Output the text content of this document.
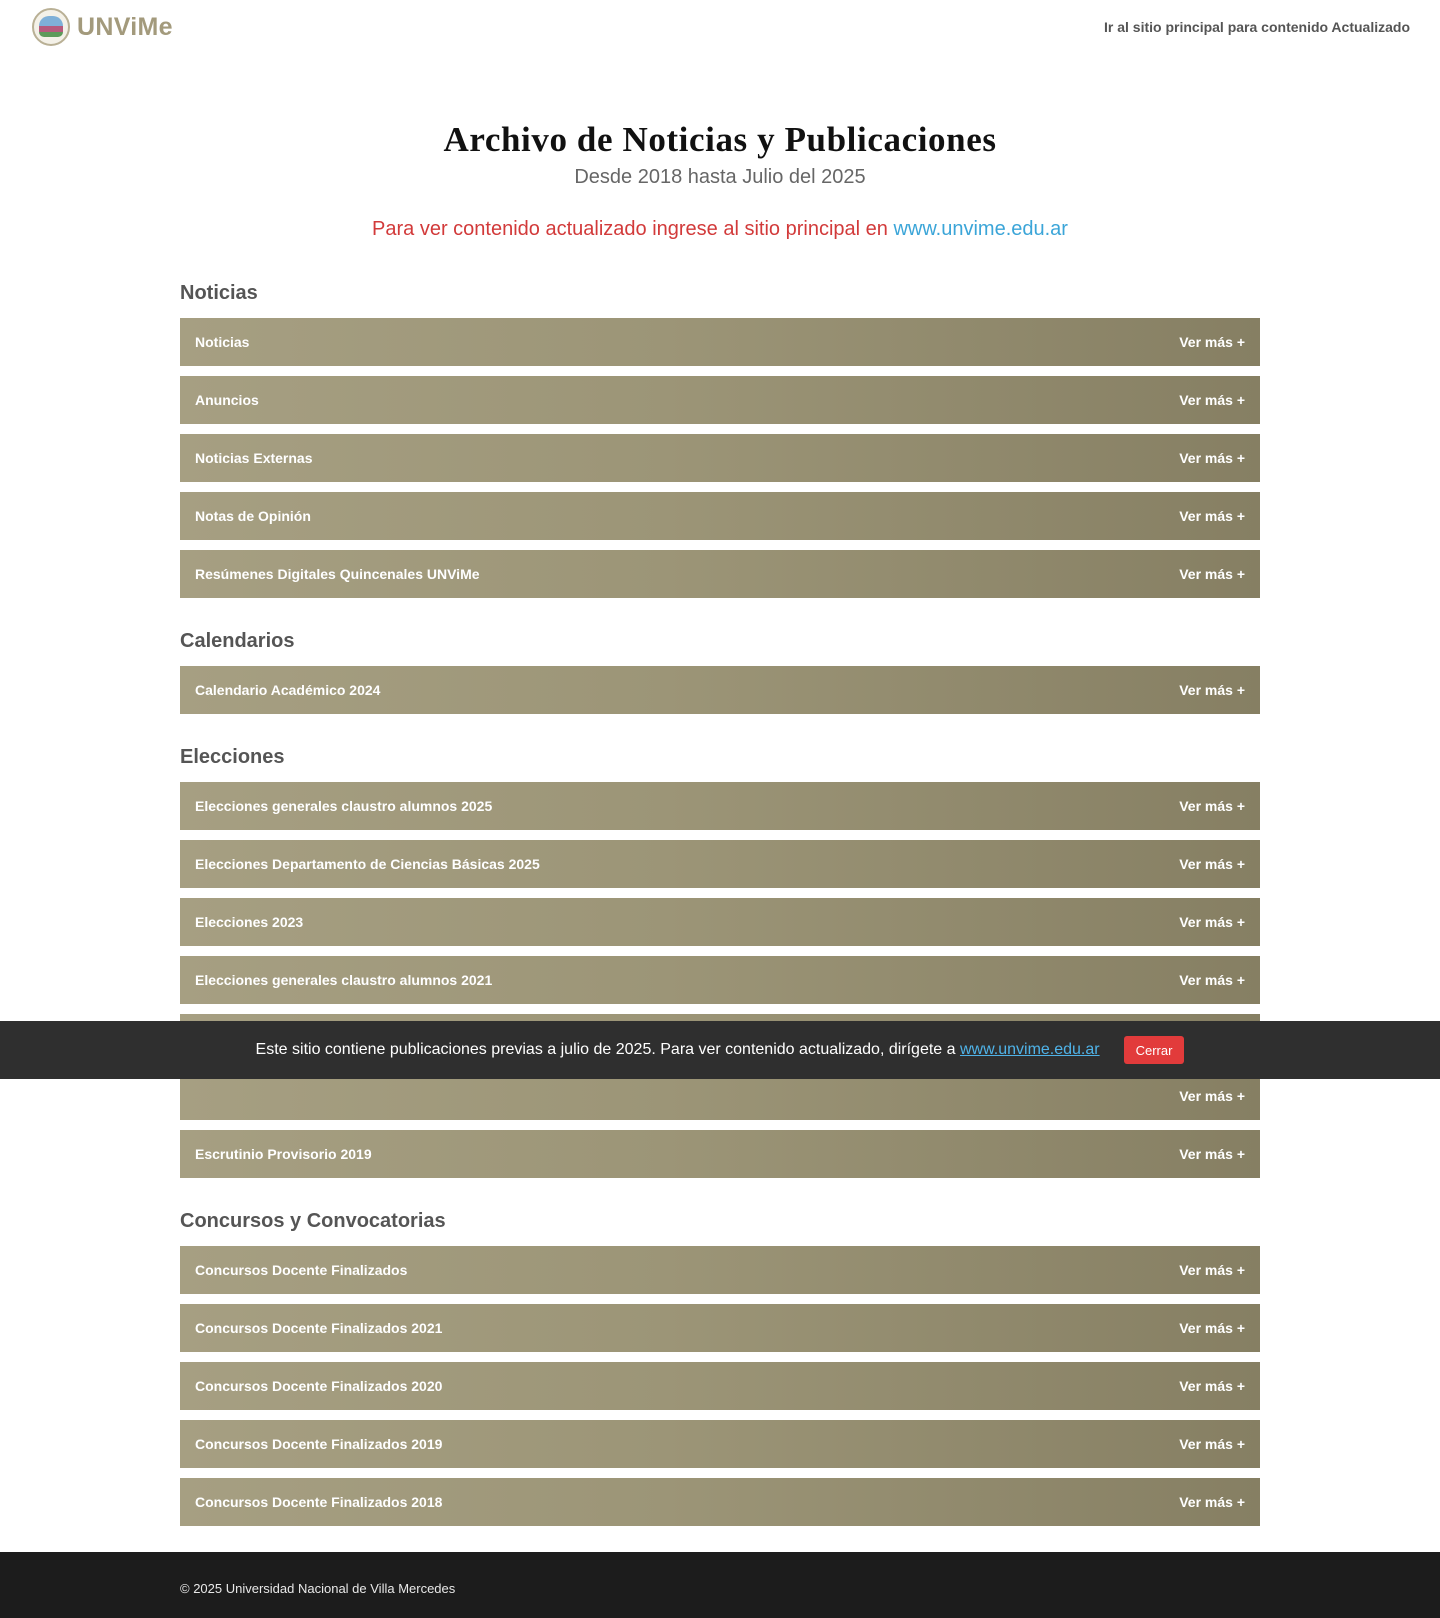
UNViMe	Ir al sitio principal para contenido Actualizado
Archivo de Noticias y Publicaciones
Desde 2018 hasta Julio del 2025
Para ver contenido actualizado ingrese al sitio principal en www.unvime.edu.ar
Noticias
Noticias	Ver más +
Anuncios	Ver más +
Noticias Externas	Ver más +
Notas de Opinión	Ver más +
Resúmenes Digitales Quincenales UNViMe	Ver más +
Calendarios
Calendario Académico 2024	Ver más +
Elecciones
Elecciones generales claustro alumnos 2025	Ver más +
Elecciones Departamento de Ciencias Básicas 2025	Ver más +
Elecciones 2023	Ver más +
Elecciones generales claustro alumnos 2021	Ver más +
Ver más +
Escrutinio Provisorio 2019	Ver más +
Concursos y Convocatorias
Concursos Docente Finalizados	Ver más +
Concursos Docente Finalizados 2021	Ver más +
Concursos Docente Finalizados 2020	Ver más +
Concursos Docente Finalizados 2019	Ver más +
Concursos Docente Finalizados 2018	Ver más +
Este sitio contiene publicaciones previas a julio de 2025. Para ver contenido actualizado, dirígete a www.unvime.edu.ar	Cerrar
© 2025 Universidad Nacional de Villa Mercedes
